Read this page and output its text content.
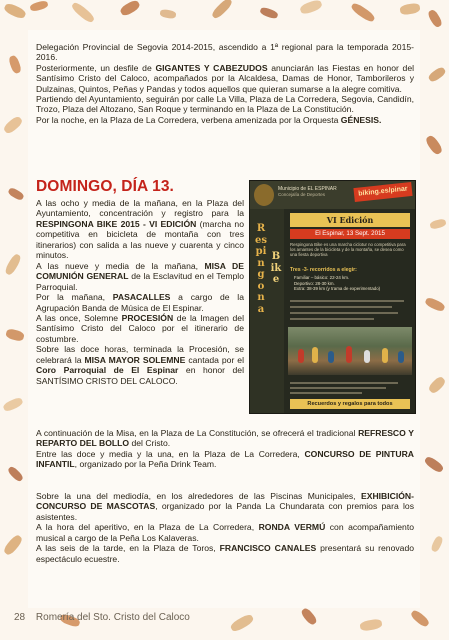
Delegación Provincial de Segovia 2014-2015, ascendido a 1ª regional para la temporada 2015-2016.

Posteriormente, un desfile de GIGANTES Y CABEZUDOS anunciarán las Fiestas en honor del Santísimo Cristo del Caloco, acompañados por la Alcaldesa, Damas de Honor, Tamborileros y Dulzainas, Quintos, Peñas y Pandas y todos aquellos que quieran sumarse a la alegre comitiva.

Partiendo del Ayuntamiento, seguirán por calle La Villa, Plaza de La Corredera, Segovia, Candidín, Trozo, Plaza del Altozano, San Roque y terminando en la Plaza de La Constitución.

Por la noche, en la Plaza de La Corredera, verbena amenizada por la Orquesta GÉNESIS.

DOMINGO, DÍA 13.

A las ocho y media de la mañana, en la Plaza del Ayuntamiento, concentración y registro para la RESPINGONA BIKE 2015 - VI EDICIÓN (marcha no competitiva en bicicleta de montaña con tres itinerarios) con salida a las nueve y cuarenta y cinco minutos.

A las nueve y media de la mañana, MISA DE COMUNIÓN GENERAL de la Esclavitud en el Templo Parroquial.

Por la mañana, PASACALLES a cargo de la Agrupación Banda de Música de El Espinar.

A las once, Solemne PROCESIÓN de la Imagen del Santísimo Cristo del Caloco por el itinerario de costumbre.

Sobre las doce horas, terminada la Procesión, se celebrará la MISA MAYOR SOLEMNE cantada por el Coro Parroquial de El Espinar en honor del SANTÍSIMO CRISTO DEL CALOCO.

Municipio de EL ESPINAR
Concejalía de Deportes	biking.es/pinar
Respingona
Bike
VI Edición
El Espinar, 13 Sept. 2015
Respingona Bike es una marcha ciclotur no competitiva para los amantes de la bicicleta y de la montaña, se desea como una fiesta deportiva
Tres -3- recorridos a elegir:
Familiar – básico: 22-24 km.
Deportivo: 28-30 km.
Extra: 38-39 km (y trama de experimentado)
Recuerdos y regalos para todos

A continuación de la Misa, en la Plaza de La Constitución, se ofrecerá el tradicional REFRESCO Y REPARTO DEL BOLLO del Cristo.

Entre las doce y media y la una, en la Plaza de La Corredera, CONCURSO DE PINTURA INFANTIL, organizado por la Peña Drink Team.

Sobre la una del mediodía, en los alrededores de las Piscinas Municipales, EXHIBICIÓN-CONCURSO DE MASCOTAS, organizado por la Panda La Chundarata con premios para los asistentes.

A la hora del aperitivo, en la Plaza de La Corredera, RONDA VERMÚ con acompañamiento musical a cargo de la Peña Los Kalaveras.

A las seis de la tarde, en la Plaza de Toros, FRANCISCO CANALES presentará su renovado espectáculo ecuestre.

28 Romería del Sto. Cristo del Caloco
